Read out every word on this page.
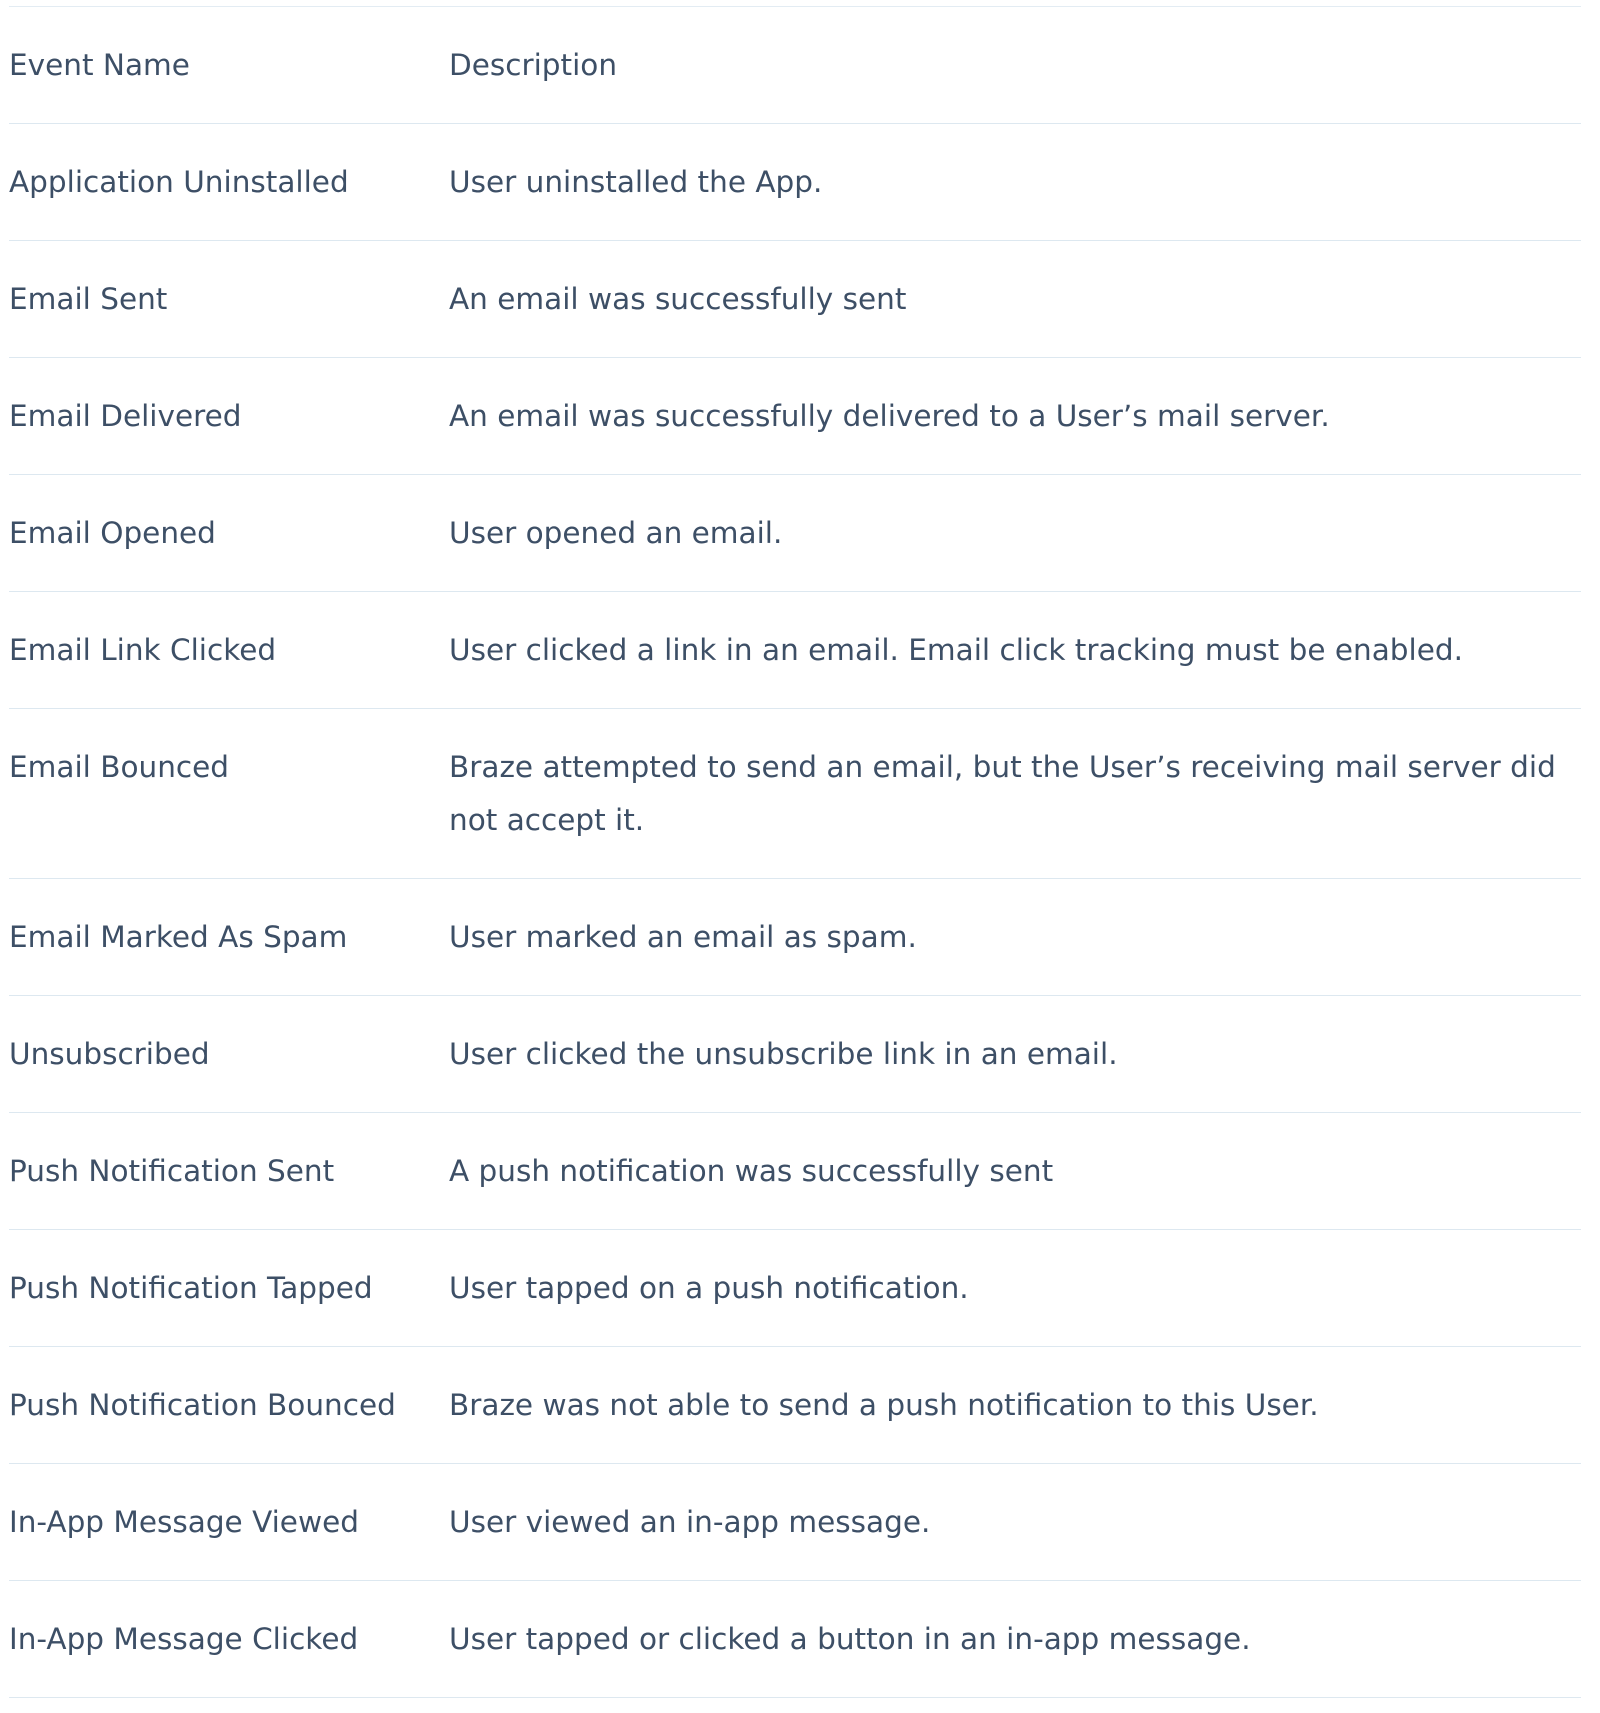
Event Name	Description
Application Uninstalled	User uninstalled the App.
Email Sent	An email was successfully sent
Email Delivered	An email was successfully delivered to a User’s mail server.
Email Opened	User opened an email.
Email Link Clicked	User clicked a link in an email. Email click tracking must be enabled.
Email Bounced	Braze attempted to send an email, but the User’s receiving mail server did not accept it.
Email Marked As Spam	User marked an email as spam.
Unsubscribed	User clicked the unsubscribe link in an email.
Push Notification Sent	A push notification was successfully sent
Push Notification Tapped	User tapped on a push notification.
Push Notification Bounced	Braze was not able to send a push notification to this User.
In-App Message Viewed	User viewed an in-app message.
In-App Message Clicked	User tapped or clicked a button in an in-app message.
